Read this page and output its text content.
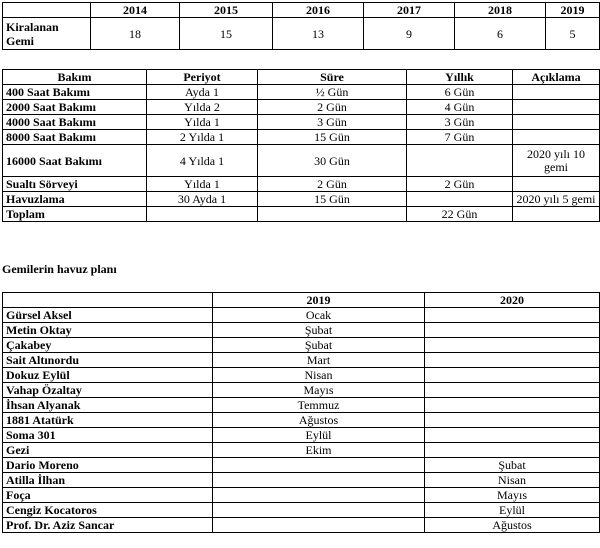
	2014	2015	2016	2017	2018	2019

Kiralanan
Gemi	18	15	13	9	6	5
Bakım	Periyot	Süre	Yıllık	Açıklama
400 Saat Bakımı	Ayda 1	½ Gün	6 Gün	
2000 Saat Bakımı	Yılda 2	2 Gün	4 Gün	
4000 Saat Bakımı	Yılda 1	3 Gün	3 Gün	
8000 Saat Bakımı	2 Yılda 1	15 Gün	7 Gün	
16000 Saat Bakımı	4 Yılda 1	30 Gün		2020 yılı 10 gemi
Sualtı Sörveyi	Yılda 1	2 Gün	2 Gün	
Havuzlama	30 Ayda 1	15 Gün		2020 yılı 5 gemi
Toplam			22 Gün	
Gemilerin havuz planı
	2019	2020
Gürsel Aksel	Ocak	
Metin Oktay	Şubat	
Çakabey	Şubat	
Sait Altınordu	Mart	
Dokuz Eylül	Nisan	
Vahap Özaltay	Mayıs	
İhsan Alyanak	Temmuz	
1881 Atatürk	Ağustos	
Soma 301	Eylül	
Gezi	Ekim	
Dario Moreno		Şubat
Atilla İlhan		Nisan
Foça		Mayıs
Cengiz Kocatoros		Eylül
Prof. Dr. Aziz Sancar		Ağustos
